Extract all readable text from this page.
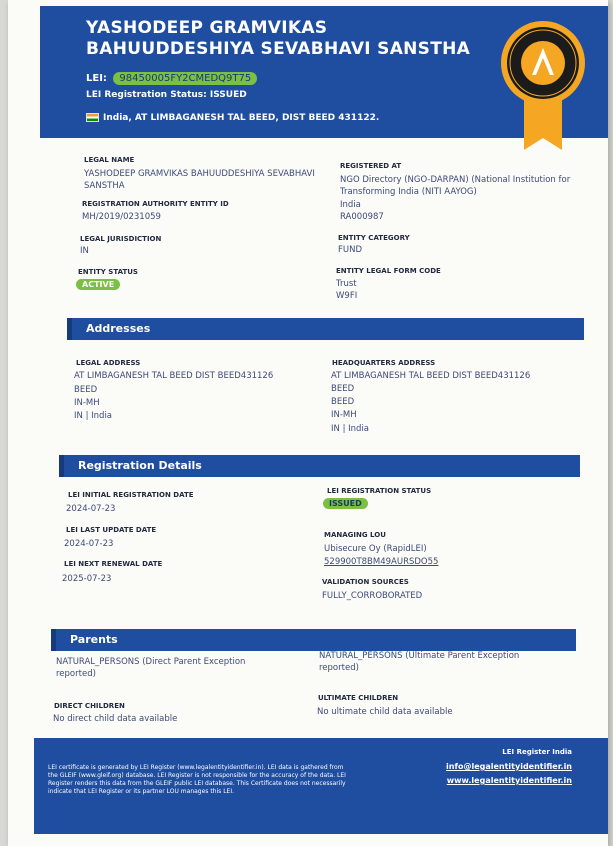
YASHODEEP GRAMVIKAS BAHUUDDESHIYA SEVABHAVI SANSTHA
LEI: 98450005FY2CMEDQ9T75
LEI Registration Status: ISSUED
India, AT LIMBAGANESH TAL BEED, DIST BEED 431122.
LEGAL NAME
YASHODEEP GRAMVIKAS BAHUUDDESHIYA SEVABHAVI SANSTHA
REGISTERED AT
NGO Directory (NGO-DARPAN) (National Institution for Transforming India (NITI AAYOG)
REGISTRATION AUTHORITY ENTITY ID
MH/2019/0231059
India
RA000987
LEGAL JURISDICTION
IN
ENTITY CATEGORY
FUND
ENTITY STATUS
ACTIVE
ENTITY LEGAL FORM CODE
Trust
W9FI
Addresses
LEGAL ADDRESS
AT LIMBAGANESH TAL BEED DIST BEED431126
BEED
IN-MH
IN | India
HEADQUARTERS ADDRESS
AT LIMBAGANESH TAL BEED DIST BEED431126
BEED
BEED
IN-MH
IN | India
Registration Details
LEI INITIAL REGISTRATION DATE
2024-07-23
LEI REGISTRATION STATUS
ISSUED
LEI LAST UPDATE DATE
2024-07-23
MANAGING LOU
Ubisecure Oy (RapidLEI)
529900T8BM49AURSDO55
LEI NEXT RENEWAL DATE
2025-07-23	VALIDATION SOURCES
FULLY_CORROBORATED
Parents
NATURAL_PERSONS (Direct Parent Exception reported)
NATURAL_PERSONS (Ultimate Parent Exception reported)
DIRECT CHILDREN
No direct child data available
ULTIMATE CHILDREN
No ultimate child data available
LEI certificate is generated by LEI Register (www.legalentityidentifier.in). LEI data is gathered from the GLEIF (www.gleif.org) database. LEI Register is not responsible for the accuracy of the data. LEI Register renders this data from the GLEIF public LEI database. This Certificate does not necessarily indicate that LEI Register or its partner LOU manages this LEI.
LEI Register India
info@legalentityidentifier.in
www.legalentityidentifier.in
